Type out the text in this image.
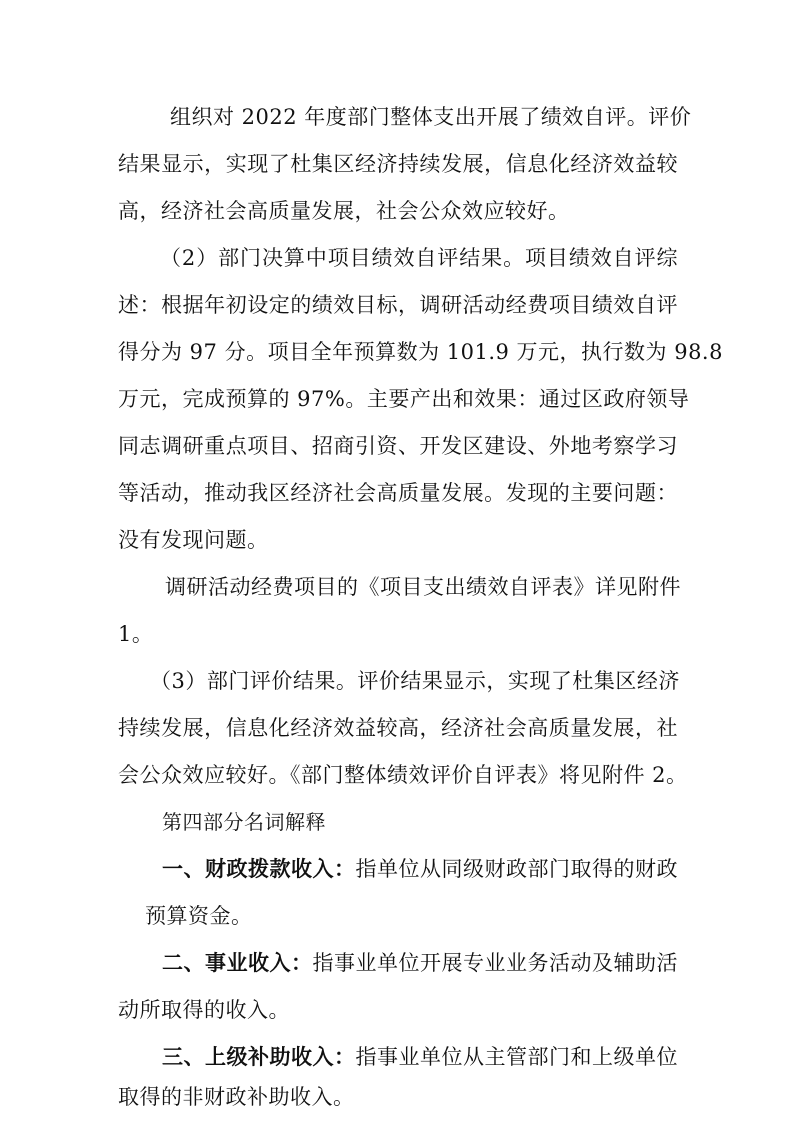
组织对 2022 年度部门整体支出开展了绩效自评。评价
结果显示，实现了杜集区经济持续发展，信息化经济效益较
高，经济社会高质量发展，社会公众效应较好。
（2）部门决算中项目绩效自评结果。项目绩效自评综
述：根据年初设定的绩效目标，调研活动经费项目绩效自评
得分为 97 分。项目全年预算数为 101.9 万元，执行数为 98.8
万元，完成预算的 97%。主要产出和效果：通过区政府领导
同志调研重点项目、招商引资、开发区建设、外地考察学习
等活动，推动我区经济社会高质量发展。发现的主要问题：
没有发现问题。
调研活动经费项目的《项目支出绩效自评表》详见附件
1。
（3）部门评价结果。评价结果显示，实现了杜集区经济
持续发展，信息化经济效益较高，经济社会高质量发展，社
会公众效应较好。《部门整体绩效评价自评表》将见附件 2。
第四部分名词解释
一、财政拨款收入：指单位从同级财政部门取得的财政
预算资金。
二、事业收入：指事业单位开展专业业务活动及辅助活
动所取得的收入。
三、上级补助收入：指事业单位从主管部门和上级单位
取得的非财政补助收入。
